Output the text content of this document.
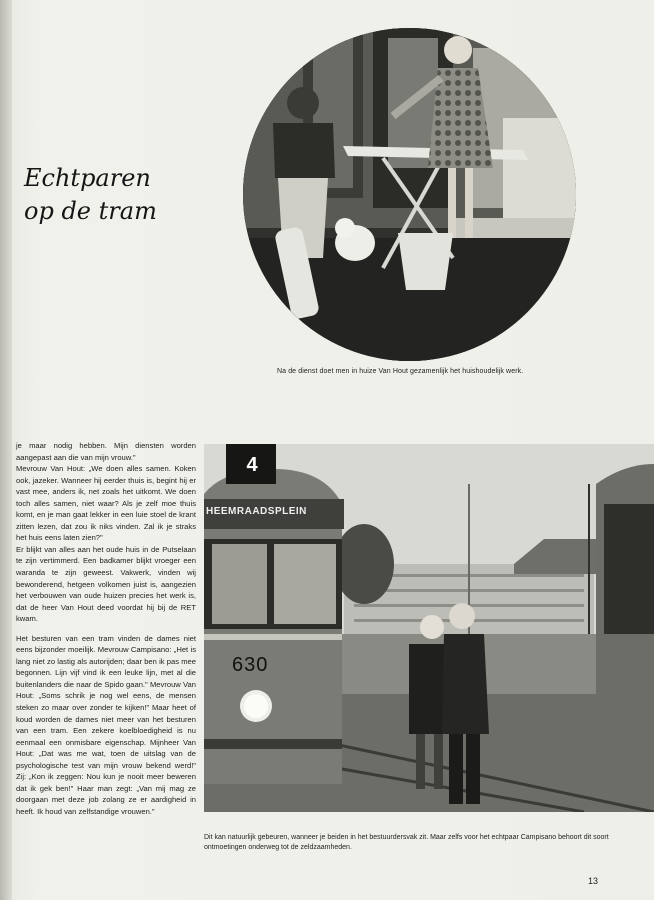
Echtparen
op de tram
Na de dienst doet men in huize Van Hout gezamenlijk het huishoudelijk werk.

je maar nodig hebben. Mijn diensten worden aangepast aan die van mijn vrouw."

Mevrouw Van Hout: „We doen alles samen. Koken ook, jazeker. Wanneer hij eerder thuis is, begint hij er vast mee, anders ik, net zoals het uitkomt. We doen toch alles samen, niet waar? Als je zelf moe thuis komt, en je man gaat lekker in een luie stoel de krant zitten lezen, dat zou ik niks vinden. Zal ik je straks het huis eens laten zien?"

Er blijkt van alles aan het oude huis in de Putselaan te zijn vertimmerd. Een badkamer blijkt vroeger een waranda te zijn geweest. Vakwerk, vinden wij bewonderend, hetgeen volkomen juist is, aangezien het verbouwen van oude huizen precies het werk is, dat de heer Van Hout deed voordat hij bij de RET kwam.

Het besturen van een tram vinden de dames niet eens bijzonder moeilijk. Mevrouw Campisano: „Het is lang niet zo lastig als autorijden; daar ben ik pas mee begonnen. Lijn vijf vind ik een leuke lijn, met al die buitenlanders die naar de Spido gaan." Mevrouw Van Hout: „Soms schrik je nog wel eens, de mensen steken zo maar over zonder te kijken!" Maar heet of koud worden de dames niet meer van het besturen van een tram. Een zekere koelbloedigheid is nu eenmaal een onmisbare eigenschap. Mijnheer Van Hout: „Dat was me wat, toen de uitslag van de psychologische test van mijn vrouw bekend werd!" Zij: „Kon ik zeggen: Nou kun je nooit meer beweren dat ik gek ben!" Haar man zegt: „Van mij mag ze doorgaan met deze job zolang ze er aardigheid in heeft. Ik houd van zelfstandige vrouwen."

4
HEEMRAADSPLEIN
630
Dit kan natuurlijk gebeuren, wanneer je beiden in het bestuurdersvak zit. Maar zelfs voor het echtpaar Campisano behoort dit soort ontmoetingen onderweg tot de zeldzaamheden.
13
